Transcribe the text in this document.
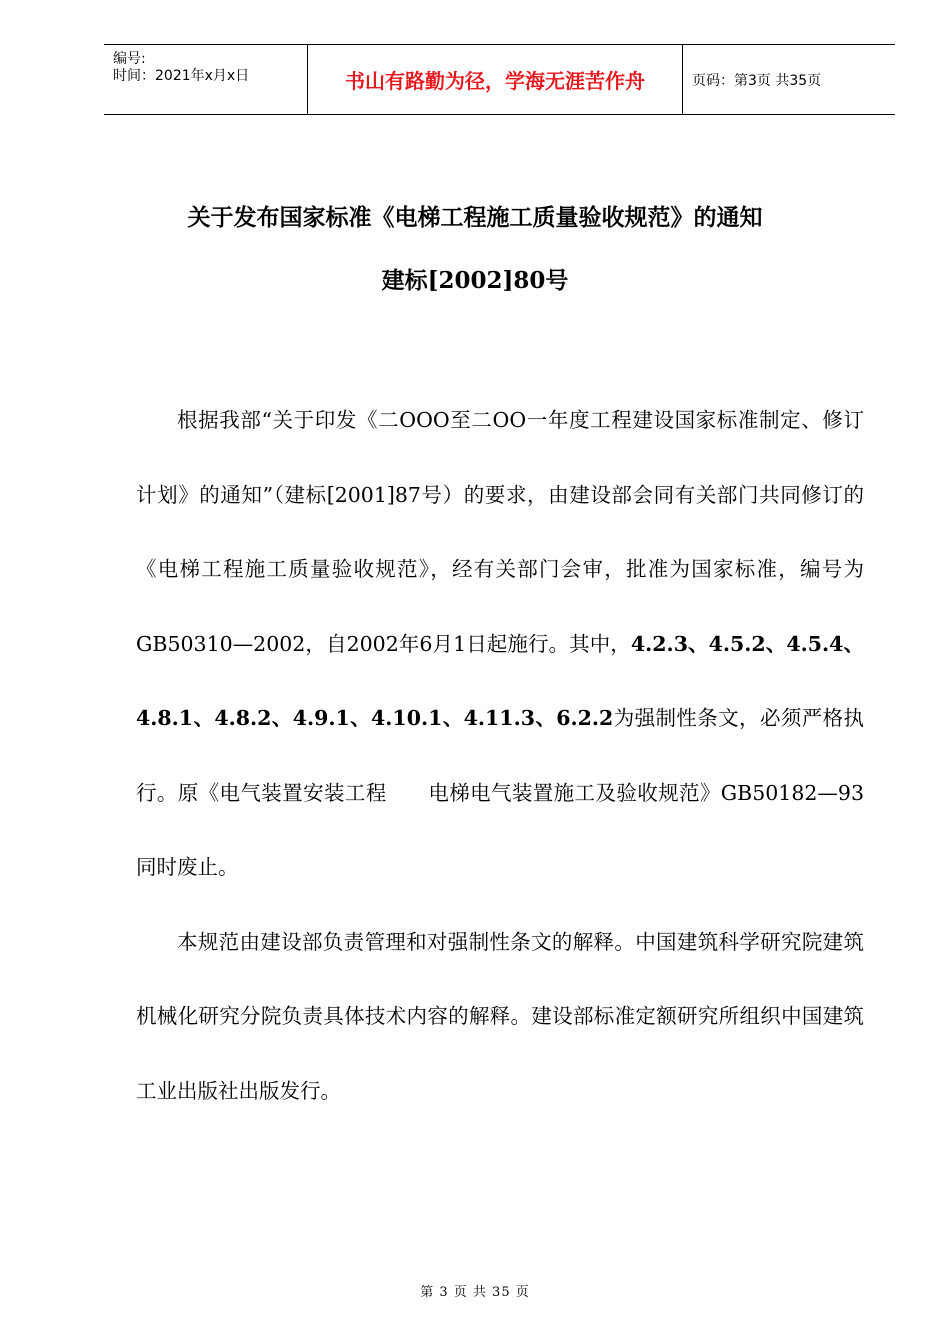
编号:
时间：2021年x月x日	书山有路勤为径，学海无涯苦作舟	页码：第3页 共35页
关于发布国家标准《电梯工程施工质量验收规范》的通知
建标[2002]80号

根据我部“关于印发《二OOO至二OO一年度工程建设国家标准制定、修订计划》的通知”（建标[2001]87号）的要求，由建设部会同有关部门共同修订的《电梯工程施工质量验收规范》，经有关部门会审，批准为国家标准，编号为GB50310—2002，自2002年6月1日起施行。其中，4.2.3、4.5.2、4.5.4、4.8.1、4.8.2、4.9.1、4.10.1、4.11.3、6.2.2为强制性条文，必须严格执行。原《电气装置安装工程　　电梯电气装置施工及验收规范》GB50182—93同时废止。

本规范由建设部负责管理和对强制性条文的解释。中国建筑科学研究院建筑机械化研究分院负责具体技术内容的解释。建设部标准定额研究所组织中国建筑工业出版社出版发行。

第 3 页 共 35 页
